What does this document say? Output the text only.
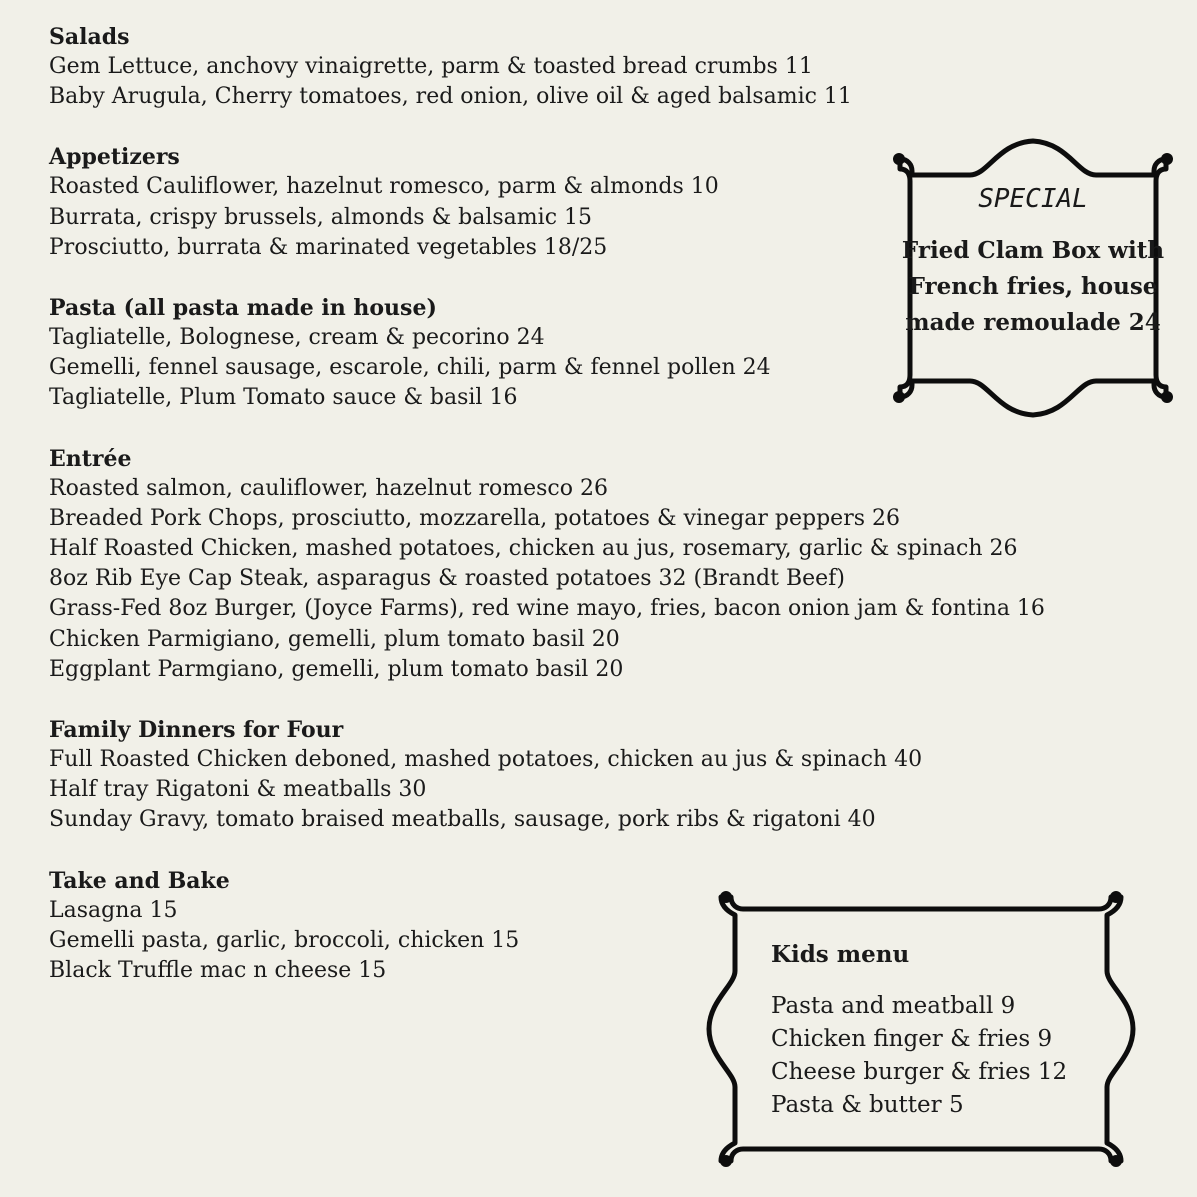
Salads
Gem Lettuce, anchovy vinaigrette, parm & toasted bread crumbs 11
Baby Arugula, Cherry tomatoes, red onion, olive oil & aged balsamic 11
Appetizers
Roasted Cauliflower, hazelnut romesco, parm & almonds 10
Burrata, crispy brussels, almonds & balsamic 15
Prosciutto, burrata & marinated vegetables 18/25
Pasta (all pasta made in house)
Tagliatelle, Bolognese, cream & pecorino 24
Gemelli, fennel sausage, escarole, chili, parm & fennel pollen 24
Tagliatelle, Plum Tomato sauce & basil 16
Entrée
Roasted salmon, cauliflower, hazelnut romesco 26
Breaded Pork Chops, prosciutto, mozzarella, potatoes & vinegar peppers 26
Half Roasted Chicken, mashed potatoes, chicken au jus, rosemary, garlic & spinach 26
8oz Rib Eye Cap Steak, asparagus & roasted potatoes 32 (Brandt Beef)
Grass-Fed 8oz Burger, (Joyce Farms), red wine mayo, fries, bacon onion jam & fontina 16
Chicken Parmigiano, gemelli, plum tomato basil 20
Eggplant Parmgiano, gemelli, plum tomato basil 20
Family Dinners for Four
Full Roasted Chicken deboned, mashed potatoes, chicken au jus & spinach 40
Half tray Rigatoni & meatballs 30
Sunday Gravy, tomato braised meatballs, sausage, pork ribs & rigatoni 40
Take and Bake
Lasagna 15
Gemelli pasta, garlic, broccoli, chicken 15
Black Truffle mac n cheese 15
SPECIAL
Fried Clam Box with French fries, house made remoulade 24
Kids menu
Pasta and meatball 9
Chicken finger & fries 9
Cheese burger & fries 12
Pasta & butter 5
